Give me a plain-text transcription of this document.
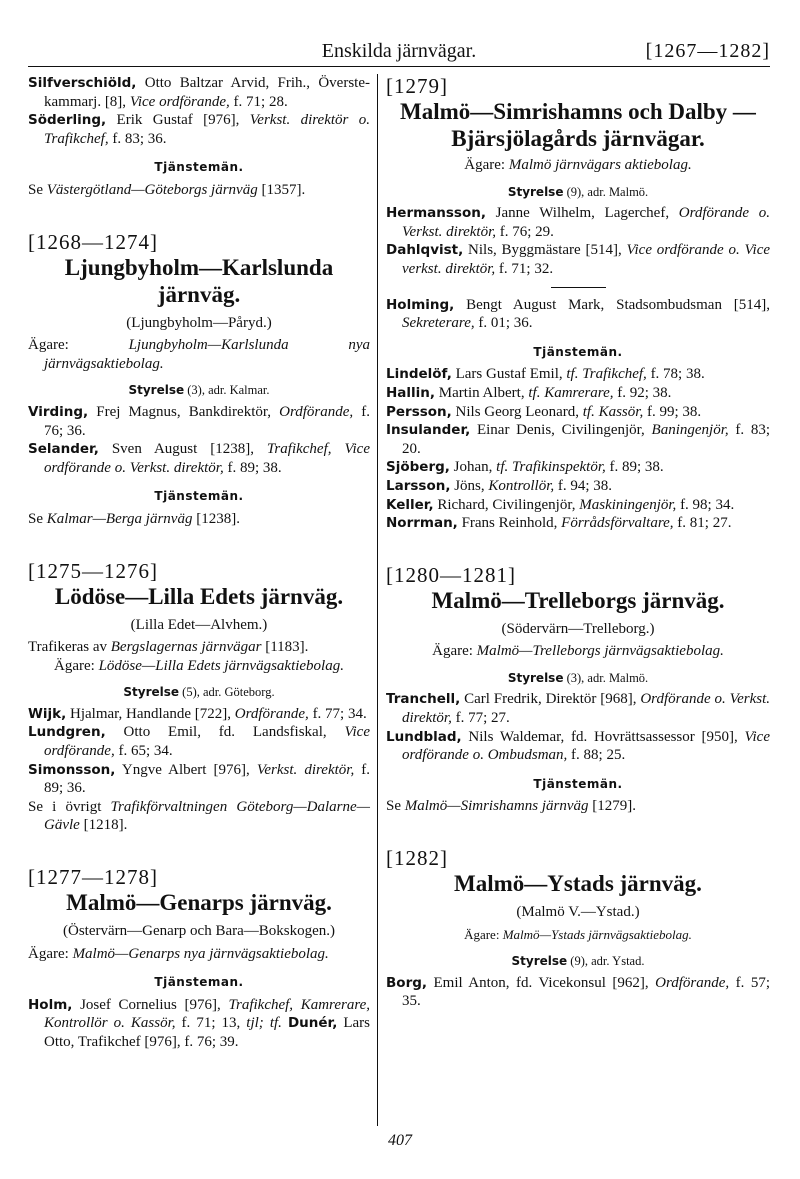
Enskilda järnvägar.	[1267—1282]

Silfverschiöld, Otto Baltzar Arvid, Frih., Överste-kammarj. [8], Vice ordförande, f. 71; 28.

Söderling, Erik Gustaf [976], Verkst. direktör o. Trafikchef, f. 83; 36.

Tjänstemän.

Se Västergötland—Göteborgs järnväg [1357].

[1268—1274]

Ljungbyholm—Karlslunda järnväg.

(Ljungbyholm—Påryd.)

Ägare:	Ljungbyholm—Karlslunda nya järnvägsaktiebolag.

Styrelse (3), adr. Kalmar.

Virding, Frej Magnus, Bankdirektör, Ordförande, f. 76; 36.

Selander, Sven August [1238], Trafikchef, Vice ordförande o. Verkst. direktör, f. 89; 38.

Tjänstemän.

Se Kalmar—Berga järnväg [1238].

[1275—1276]

Lödöse—Lilla Edets järnväg.

(Lilla Edet—Alvhem.)

Trafikeras av Bergslagernas järnvägar [1183].

Ägare: Lödöse—Lilla Edets järnvägsaktiebolag.

Styrelse (5), adr. Göteborg.

Wijk, Hjalmar, Handlande [722], Ordförande, f. 77; 34.

Lundgren, Otto Emil, fd. Landsfiskal, Vice ordförande, f. 65; 34.

Simonsson, Yngve Albert [976], Verkst. direktör, f. 89; 36.

Se i övrigt Trafikförvaltningen Göteborg—Dalarne—Gävle [1218].

[1277—1278]

Malmö—Genarps järnväg.

(Östervärn—Genarp och Bara—Bokskogen.)

Ägare: Malmö—Genarps nya järnvägsaktiebolag.

Tjänsteman.

Holm, Josef Cornelius [976], Trafikchef, Kamrerare, Kontrollör o. Kassör, f. 71; 13, tjl; tf. Dunér, Lars Otto, Trafikchef [976], f. 76; 39.

[1279]

Malmö—Simrishamns och Dalby —Bjärsjölagårds järnvägar.

Ägare: Malmö järnvägars aktiebolag.

Styrelse (9), adr. Malmö.

Hermansson, Janne Wilhelm, Lagerchef, Ordförande o. Verkst. direktör, f. 76; 29.

Dahlqvist, Nils, Byggmästare [514], Vice ordförande o. Vice verkst. direktör, f. 71; 32.

Holming, Bengt August Mark, Stadsombudsman [514], Sekreterare, f. 01; 36.

Tjänstemän.

Lindelöf, Lars Gustaf Emil, tf. Trafikchef, f. 78; 38.

Hallin, Martin Albert, tf. Kamrerare, f. 92; 38.

Persson, Nils Georg Leonard, tf. Kassör, f. 99; 38.

Insulander, Einar Denis, Civilingenjör, Baningenjör, f. 83; 20.

Sjöberg, Johan, tf. Trafikinspektör, f. 89; 38.

Larsson, Jöns, Kontrollör, f. 94; 38.

Keller, Richard, Civilingenjör, Maskiningenjör, f. 98; 34.

Norrman, Frans Reinhold, Förrådsförvaltare, f. 81; 27.

[1280—1281]

Malmö—Trelleborgs järnväg.

(Södervärn—Trelleborg.)

Ägare: Malmö—Trelleborgs järnvägsaktiebolag.

Styrelse (3), adr. Malmö.

Tranchell, Carl Fredrik, Direktör [968], Ordförande o. Verkst. direktör, f. 77; 27.

Lundblad, Nils Waldemar, fd. Hovrättsassessor [950], Vice ordförande o. Ombudsman, f. 88; 25.

Tjänstemän.

Se Malmö—Simrishamns järnväg [1279].

[1282]

Malmö—Ystads järnväg.

(Malmö V.—Ystad.)

Ägare: Malmö—Ystads järnvägsaktiebolag.

Styrelse (9), adr. Ystad.

Borg, Emil Anton, fd. Vicekonsul [962], Ordförande, f. 57; 35.

407
